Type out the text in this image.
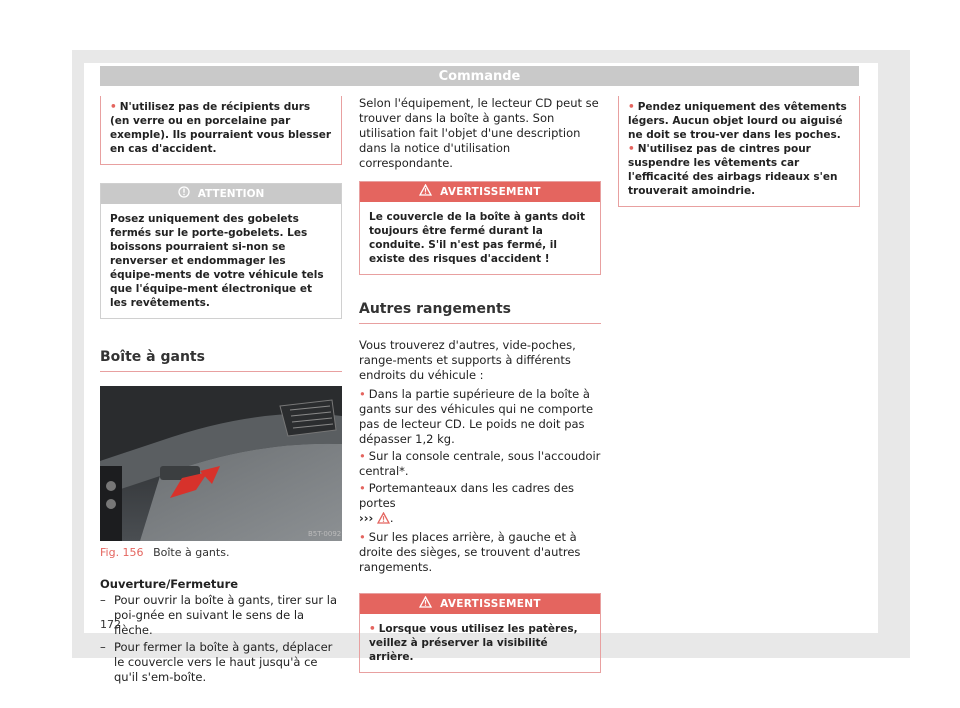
Commande
• N'utilisez pas de récipients durs (en verre ou en porcelaine par exemple). Ils pourraient vous blesser en cas d'accident.
ATTENTION
Posez uniquement des gobelets fermés sur le porte-gobelets. Les boissons pourraient si-non se renverser et endommager les équipe-ments de votre véhicule tels que l'équipe-ment électronique et les revêtements.
Boîte à gants
B5T-0092
Fig. 156 Boîte à gants.
Ouverture/Fermeture
– Pour ouvrir la boîte à gants, tirer sur la poi-gnée en suivant le sens de la flèche.
– Pour fermer la boîte à gants, déplacer le couvercle vers le haut jusqu'à ce qu'il s'em-boîte.
172
Selon l'équipement, le lecteur CD peut se trouver dans la boîte à gants. Son utilisation fait l'objet d'une description dans la notice d'utilisation correspondante.
AVERTISSEMENT
Le couvercle de la boîte à gants doit toujours être fermé durant la conduite. S'il n'est pas fermé, il existe des risques d'accident !
Autres rangements
Vous trouverez d'autres, vide-poches, range-ments et supports à différents endroits du véhicule :
• Dans la partie supérieure de la boîte à gants sur des véhicules qui ne comporte pas de lecteur CD. Le poids ne doit pas dépasser 1,2 kg.
• Sur la console centrale, sous l'accoudoir central*.
• Portemanteaux dans les cadres des portes
››› .
• Sur les places arrière, à gauche et à droite des sièges, se trouvent d'autres rangements.
AVERTISSEMENT
• Lorsque vous utilisez les patères, veillez à préserver la visibilité arrière.
• Pendez uniquement des vêtements légers. Aucun objet lourd ou aiguisé ne doit se trou-ver dans les poches.
• N'utilisez pas de cintres pour suspendre les vêtements car l'efficacité des airbags rideaux s'en trouverait amoindrie.
